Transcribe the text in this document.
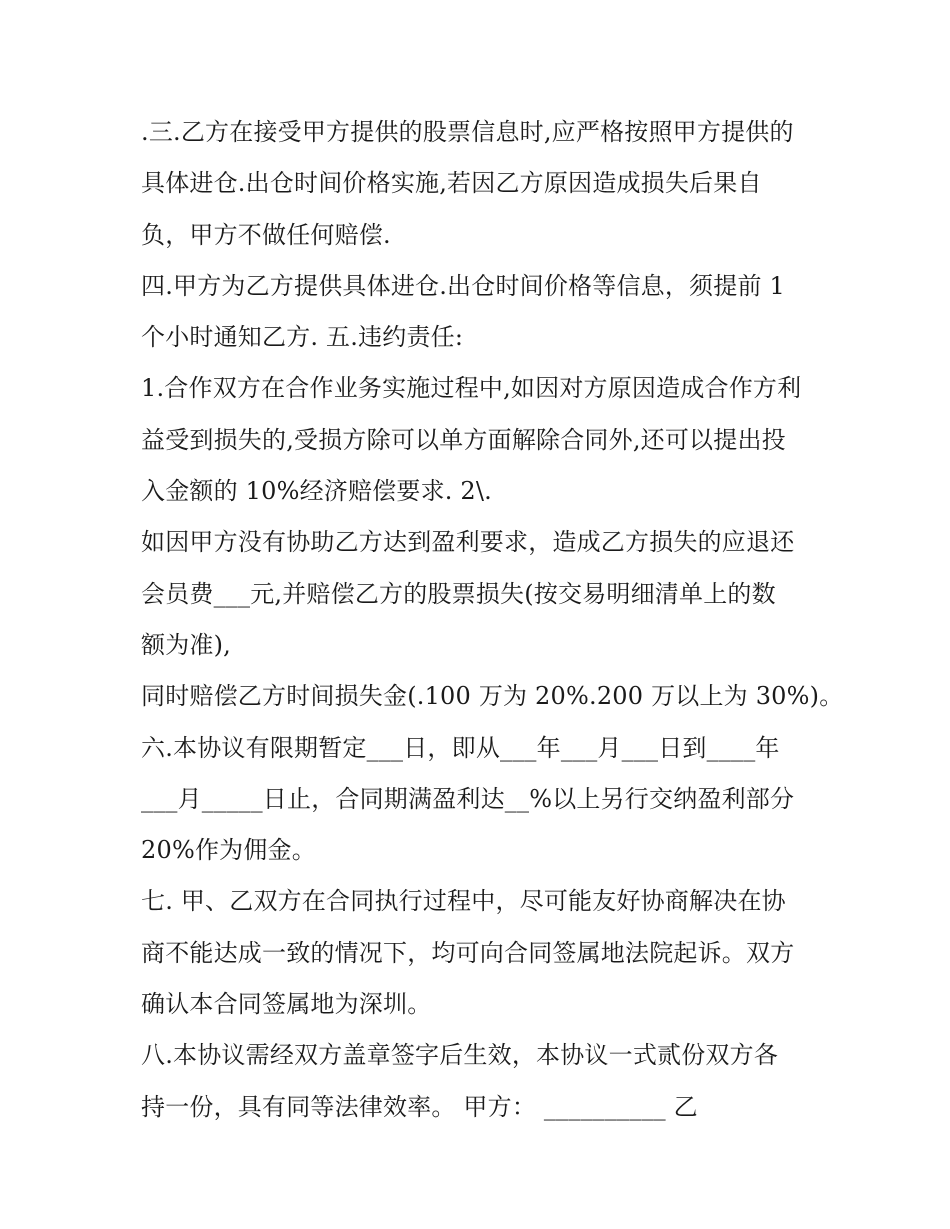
.三.乙方在接受甲方提供的股票信息时,应严格按照甲方提供的
具体进仓.出仓时间价格实施,若因乙方原因造成损失后果自
负，甲方不做任何赔偿.
四.甲方为乙方提供具体进仓.出仓时间价格等信息，须提前 1
个小时通知乙方. 五.违约责任:
1.合作双方在合作业务实施过程中,如因对方原因造成合作方利
益受到损失的,受损方除可以单方面解除合同外,还可以提出投
入金额的 10%经济赔偿要求. 2\.
如因甲方没有协助乙方达到盈利要求，造成乙方损失的应退还
会员费___元,并赔偿乙方的股票损失(按交易明细清单上的数
额为准),
同时赔偿乙方时间损失金(.100 万为 20%.200 万以上为 30%)。
六.本协议有限期暂定___日，即从___年___月___日到____年
___月_____日止，合同期满盈利达__%以上另行交纳盈利部分
20%作为佣金。
七. 甲、乙双方在合同执行过程中，尽可能友好协商解决在协
商不能达成一致的情况下，均可向合同签属地法院起诉。双方
确认本合同签属地为深圳。
八.本协议需经双方盖章签字后生效，本协议一式贰份双方各
持一份，具有同等法律效率。 甲方： __________ 乙
